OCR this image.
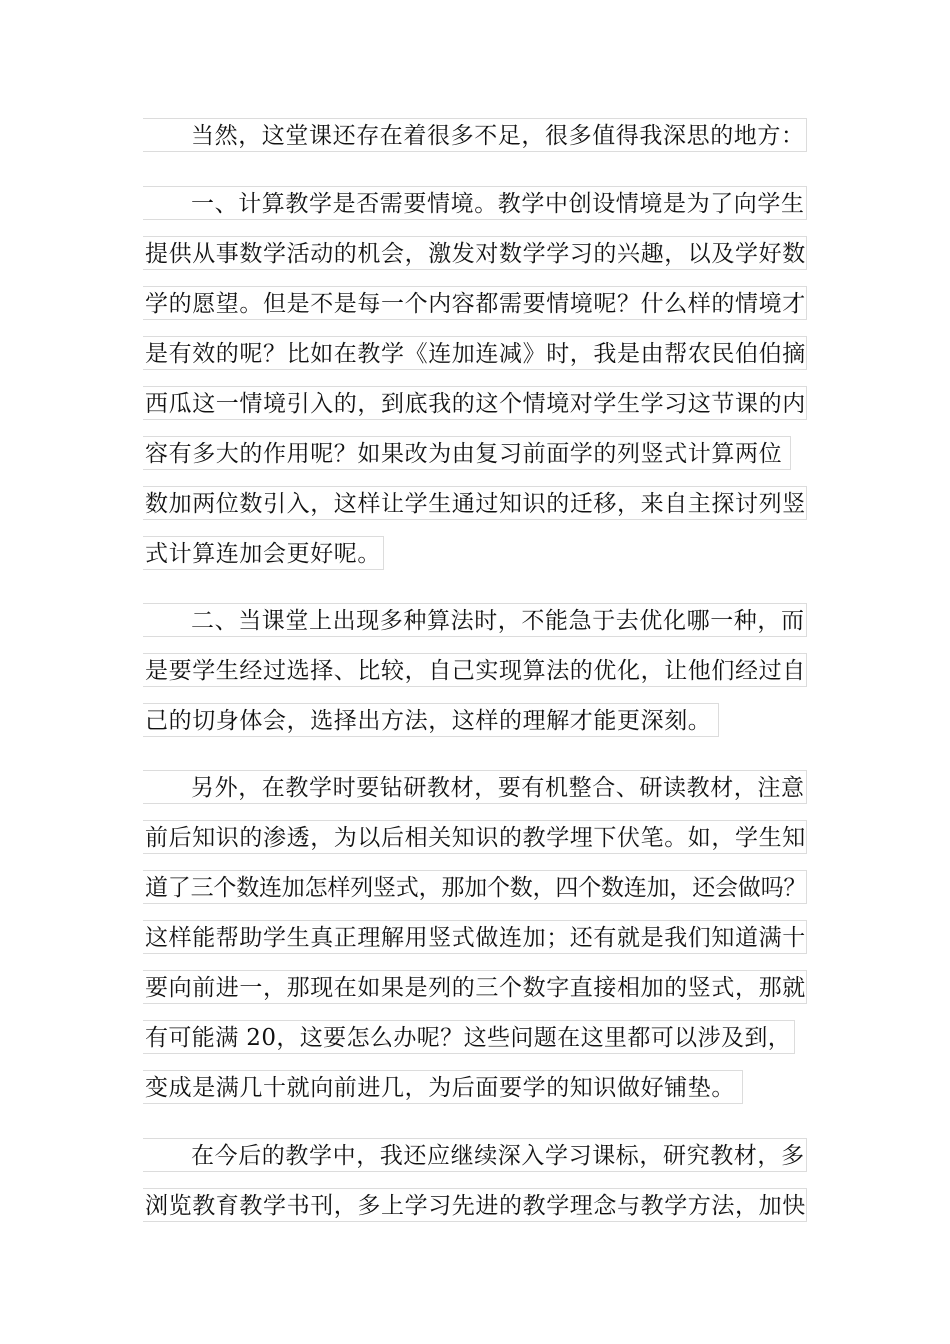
当然，这堂课还存在着很多不足，很多值得我深思的地方：
一、计算教学是否需要情境。教学中创设情境是为了向学生
提供从事数学活动的机会，激发对数学学习的兴趣，以及学好数
学的愿望。但是不是每一个内容都需要情境呢？什么样的情境才
是有效的呢？比如在教学《连加连减》时，我是由帮农民伯伯摘
西瓜这一情境引入的，到底我的这个情境对学生学习这节课的内
容有多大的作用呢？如果改为由复习前面学的列竖式计算两位
数加两位数引入，这样让学生通过知识的迁移，来自主探讨列竖
式计算连加会更好呢。
二、当课堂上出现多种算法时，不能急于去优化哪一种，而
是要学生经过选择、比较，自己实现算法的优化，让他们经过自
己的切身体会，选择出方法，这样的理解才能更深刻。
另外，在教学时要钻研教材，要有机整合、研读教材，注意
前后知识的渗透，为以后相关知识的教学埋下伏笔。如，学生知
道了三个数连加怎样列竖式，那加个数，四个数连加，还会做吗？
这样能帮助学生真正理解用竖式做连加；还有就是我们知道满十
要向前进一，那现在如果是列的三个数字直接相加的竖式，那就
有可能满 20，这要怎么办呢？这些问题在这里都可以涉及到，
变成是满几十就向前进几，为后面要学的知识做好铺垫。
在今后的教学中，我还应继续深入学习课标，研究教材，多
浏览教育教学书刊，多上学习先进的教学理念与教学方法，加快
